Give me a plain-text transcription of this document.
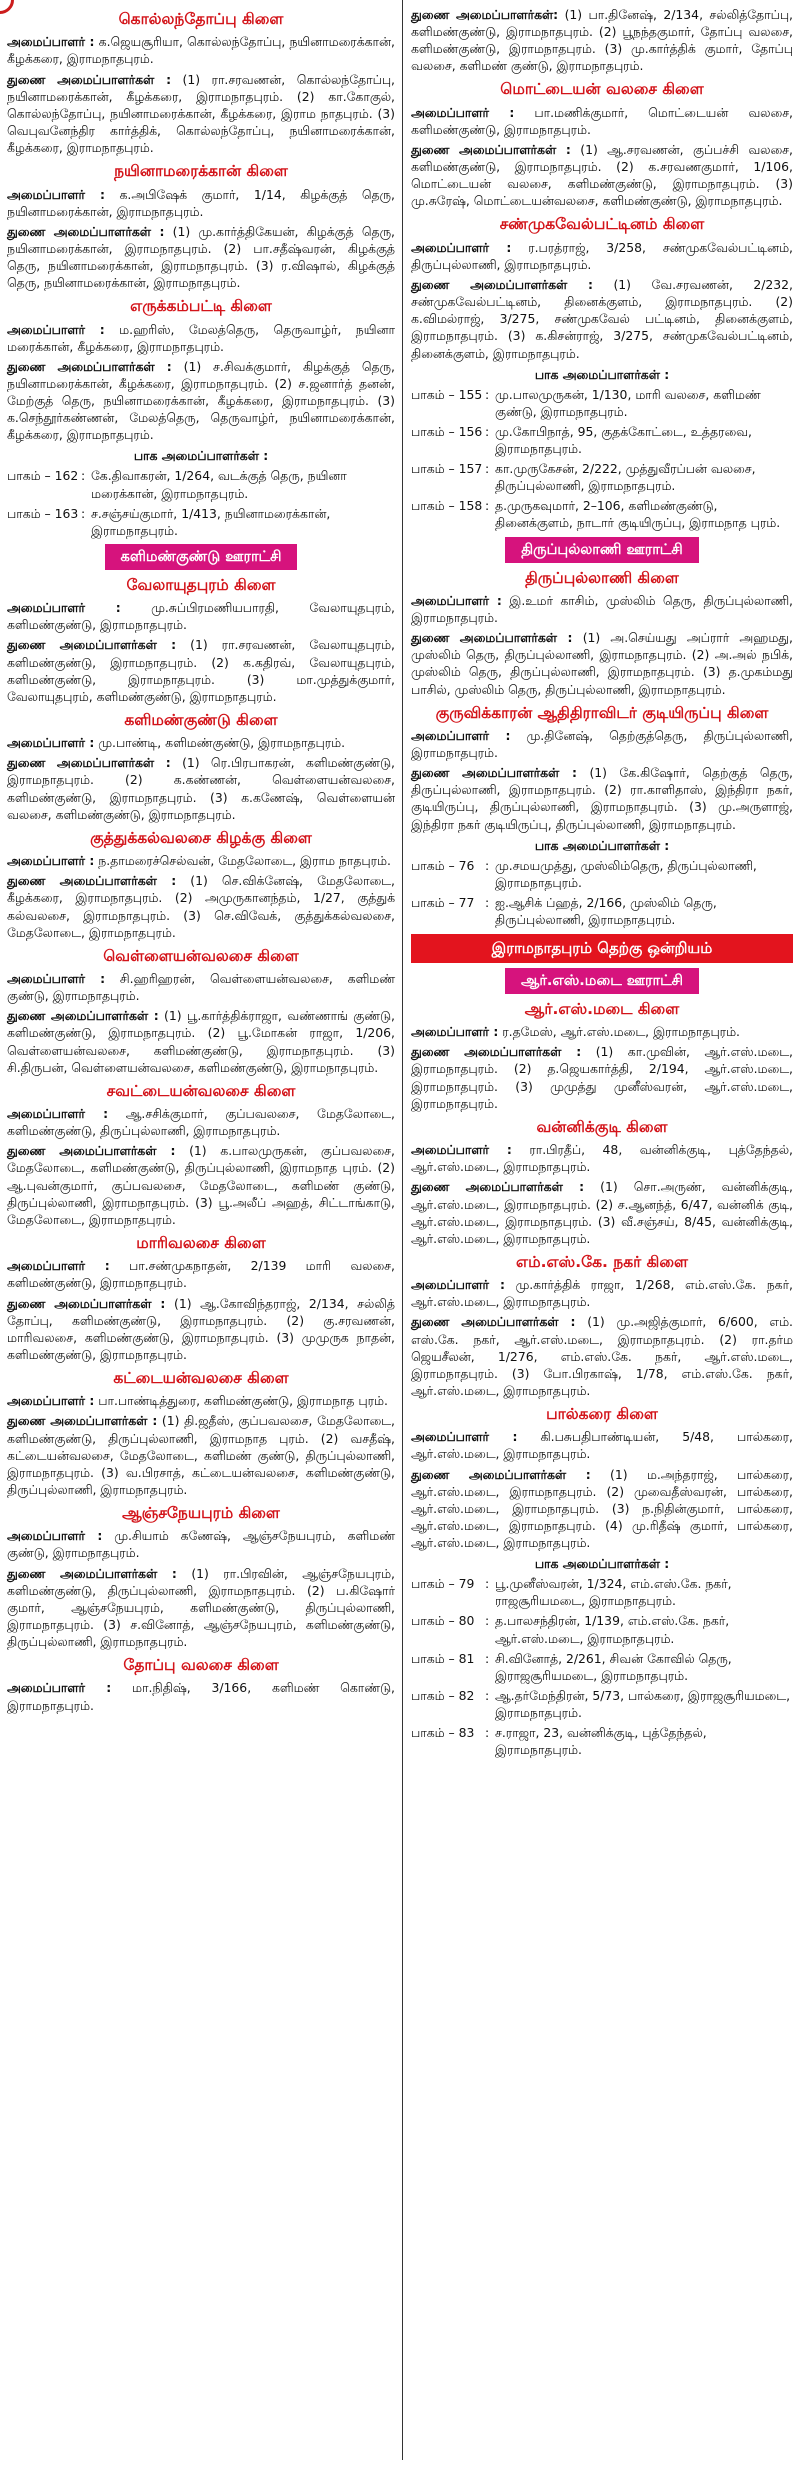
கொல்லந்தோப்பு கிளை

அமைப்பாளர் : க.ஜெயசூரியா, கொல்லந்தோப்பு, நயினாமரைக்கான், கீழக்கரை, இராமநாதபுரம்.

துணை அமைப்பாளர்கள் : (1) ரா.சரவணன், கொல்லந்தோப்பு, நயினாமரைக்கான், கீழக்கரை, இராமநாதபுரம். (2) கா.கோகுல், கொல்லந்தோப்பு, நயினாமரைக்கான், கீழக்கரை, இராம நாதபுரம். (3) வெபுவனேந்திர கார்த்திக், கொல்லந்தோப்பு, நயினாமரைக்கான், கீழக்கரை, இராமநாதபுரம்.

நயினாமரைக்கான் கிளை

அமைப்பாளர் : க.அபிஷேக் குமார், 1/14, கிழக்குத் தெரு, நயினாமரைக்கான், இராமநாதபுரம்.

துணை அமைப்பாளர்கள் : (1) மு.கார்த்திகேயன், கிழக்குத் தெரு, நயினாமரைக்கான், இராமநாதபுரம். (2) பா.சதீஷ்வரன், கிழக்குத் தெரு, நயினாமரைக்கான், இராமநாதபுரம். (3) ர.விஷால், கிழக்குத் தெரு, நயினாமரைக்கான், இராமநாதபுரம்.

எருக்கம்பட்டி கிளை

அமைப்பாளர் : ம.ஹரிஸ், மேலத்தெரு, தெருவாழ்ர், நயினா மரைக்கான், கீழக்கரை, இராமநாதபுரம்.

துணை அமைப்பாளர்கள் : (1) ச.சிவக்குமார், கிழக்குத் தெரு, நயினாமரைக்கான், கீழக்கரை, இராமநாதபுரம். (2) ச.ஜனார்த் தனன், மேற்குத் தெரு, நயினாமரைக்கான், கீழக்கரை, இராமநாதபுரம். (3) க.செந்தூர்கண்ணன், மேலத்தெரு, தெருவாழ்ர், நயினாமரைக்கான், கீழக்கரை, இராமநாதபுரம்.

பாக அமைப்பாளர்கள் :
பாகம் – 162 : கே.திவாகரன், 1/264, வடக்குத் தெரு, நயினா மரைக்கான், இராமநாதபுரம்.
பாகம் – 163 : ச.சஞ்சய்குமார், 1/413, நயினாமரைக்கான், இராமநாதபுரம்.
களிமண்குண்டு ஊராட்சி
வேலாயுதபுரம் கிளை

அமைப்பாளர் : மு.சுப்பிரமணியபாரதி, வேலாயுதபுரம், களிமண்குண்டு, இராமநாதபுரம்.

துணை அமைப்பாளர்கள் : (1) ரா.சரவணன், வேலாயுதபுரம், களிமண்குண்டு, இராமநாதபுரம். (2) க.கதிரவ், வேலாயுதபுரம், களிமண்குண்டு, இராமநாதபுரம். (3) மா.முத்துக்குமார், வேலாயுதபுரம், களிமண்குண்டு, இராமநாதபுரம்.

களிமண்குண்டு கிளை

அமைப்பாளர் : மு.பாண்டி, களிமண்குண்டு, இராமநாதபுரம்.

துணை அமைப்பாளர்கள் : (1) ரெ.பிரபாகரன், களிமண்குண்டு, இராமநாதபுரம். (2) க.கண்ணன், வெள்ளையன்வலசை, களிமண்குண்டு, இராமநாதபுரம். (3) க.கணேஷ், வெள்ளையன் வலசை, களிமண்குண்டு, இராமநாதபுரம்.

குத்துக்கல்வலசை கிழக்கு கிளை

அமைப்பாளர் : ந.தாமரைச்செல்வன், மேதலோடை, இராம நாதபுரம்.

துணை அமைப்பாளர்கள் : (1) செ.விக்னேஷ், மேதலோடை, கீழக்கரை, இராமநாதபுரம். (2) அமுருகானந்தம், 1/27, குத்துக் கல்வலசை, இராமநாதபுரம். (3) செ.விவேக், குத்துக்கல்வலசை, மேதலோடை, இராமநாதபுரம்.

வெள்ளையன்வலசை கிளை

அமைப்பாளர் : சி.ஹரிஹரன், வெள்ளையன்வலசை, களிமண் குண்டு, இராமநாதபுரம்.

துணை அமைப்பாளர்கள் : (1) பூ.கார்த்திக்ராஜா, வண்ணாங் குண்டு, களிமண்குண்டு, இராமநாதபுரம். (2) பூ.மோகன் ராஜா, 1/206, வெள்ளையன்வலசை, களிமண்குண்டு, இராமநாதபுரம். (3) சி.திருபன், வெள்ளையன்வலசை, களிமண்குண்டு, இராமநாதபுரம்.

சவட்டையன்வலசை கிளை

அமைப்பாளர் : ஆ.சசிக்குமார், குப்பவலசை, மேதலோடை, களிமண்குண்டு, திருப்புல்லாணி, இராமநாதபுரம்.

துணை அமைப்பாளர்கள் : (1) க.பாலமுருகன், குப்பவலசை, மேதலோடை, களிமண்குண்டு, திருப்புல்லாணி, இராமநாத புரம். (2) ஆ.புவன்குமார், குப்பவலசை, மேதலோடை, களிமண் குண்டு, திருப்புல்லாணி, இராமநாதபுரம். (3) பூ.அலீப் அஹத், சிட்டாங்காடு, மேதலோடை, இராமநாதபுரம்.

மாரிவலசை கிளை

அமைப்பாளர் : பா.சண்முகநாதன், 2/139 மாரி வலசை, களிமண்குண்டு, இராமநாதபுரம்.

துணை அமைப்பாளர்கள் : (1) ஆ.கோவிந்தராஜ், 2/134, சல்லித் தோப்பு, களிமண்குண்டு, இராமநாதபுரம். (2) கு.சரவணன், மாரிவலசை, களிமண்குண்டு, இராமநாதபுரம். (3) முமுருக நாதன், களிமண்குண்டு, இராமநாதபுரம்.

கட்டையன்வலசை கிளை

அமைப்பாளர் : பா.பாண்டித்துரை, களிமண்குண்டு, இராமநாத புரம்.

துணை அமைப்பாளர்கள் : (1) தி.ஜதீஸ், குப்பவலசை, மேதலோடை, களிமண்குண்டு, திருப்புல்லாணி, இராமநாத புரம். (2) வசதீஷ், கட்டையன்வலசை, மேதலோடை, களிமண் குண்டு, திருப்புல்லாணி, இராமநாதபுரம். (3) வ.பிரசாத், கட்டையன்வலசை, களிமண்குண்டு, திருப்புல்லாணி, இராமநாதபுரம்.

ஆஞ்சநேயபுரம் கிளை

அமைப்பாளர் : மு.சியாம் கணேஷ், ஆஞ்சநேயபுரம், களிமண் குண்டு, இராமநாதபுரம்.

துணை அமைப்பாளர்கள் : (1) ரா.பிரவின், ஆஞ்சநேயபுரம், களிமண்குண்டு, திருப்புல்லாணி, இராமநாதபுரம். (2) ப.கிஷோர் குமார், ஆஞ்சநேயபுரம், களிமண்குண்டு, திருப்புல்லாணி, இராமநாதபுரம். (3) ச.வினோத், ஆஞ்சநேயபுரம், களிமண்குண்டு, திருப்புல்லாணி, இராமநாதபுரம்.

தோப்பு வலசை கிளை

அமைப்பாளர் : மா.நிதிஷ், 3/166, களிமண் கொண்டு, இராமநாதபுரம்.

துணை அமைப்பாளர்கள்: (1) பா.தினேஷ், 2/134, சல்லித்தோப்பு, களிமண்குண்டு, இராமநாதபுரம். (2) பூநந்தகுமார், தோப்பு வலசை, களிமண்குண்டு, இராமநாதபுரம். (3) மு.கார்த்திக் குமார், தோப்பு வலசை, களிமண் குண்டு, இராமநாதபுரம்.

மொட்டையன் வலசை கிளை

அமைப்பாளர் : பா.மணிக்குமார், மொட்டையன் வலசை, களிமண்குண்டு, இராமநாதபுரம்.

துணை அமைப்பாளர்கள் : (1) ஆ.சரவணன், குப்பச்சி வலசை, களிமண்குண்டு, இராமநாதபுரம். (2) க.சரவணகுமார், 1/106, மொட்டையன் வலசை, களிமண்குண்டு, இராமநாதபுரம். (3) மு.சுரேஷ், மொட்டையன்வலசை, களிமண்குண்டு, இராமநாதபுரம்.

சண்முகவேல்பட்டினம் கிளை

அமைப்பாளர் : ர.பரத்ராஜ், 3/258, சண்முகவேல்பட்டினம், திருப்புல்லாணி, இராமநாதபுரம்.

துணை அமைப்பாளர்கள் : (1) வே.சரவணன், 2/232, சண்முகவேல்பட்டினம், தினைக்குளம், இராமநாதபுரம். (2) க.விமல்ராஜ், 3/275, சண்முகவேல் பட்டினம், தினைக்குளம், இராமநாதபுரம். (3) க.கிசன்ராஜ், 3/275, சண்முகவேல்பட்டினம், தினைக்குளம், இராமநாதபுரம்.

பாக அமைப்பாளர்கள் :
பாகம் – 155 : மு.பாலமுருகன், 1/130, மாரி வலசை, களிமண் குண்டு, இராமநாதபுரம்.
பாகம் – 156 : மு.கோபிநாத், 95, குதக்கோட்டை, உத்தரவை, இராமநாதபுரம்.
பாகம் – 157 : கா.முருகேசன், 2/222, முத்துவீரப்பன் வலசை, திருப்புல்லாணி, இராமநாதபுரம்.
பாகம் – 158 : த.முருகவுமார், 2–106, களிமண்குண்டு, தினைக்குளம், நாடார் குடியிருப்பு, இராமநாத புரம்.
திருப்புல்லாணி ஊராட்சி
திருப்புல்லாணி கிளை

அமைப்பாளர் : இ.உமர் காசிம், முஸ்லிம் தெரு, திருப்புல்லாணி, இராமநாதபுரம்.

துணை அமைப்பாளர்கள் : (1) அ.செய்யது அப்ரார் அஹமது, முஸ்லிம் தெரு, திருப்புல்லாணி, இராமநாதபுரம். (2) அ.அல் நபிக், முஸ்லிம் தெரு, திருப்புல்லாணி, இராமநாதபுரம். (3) த.முகம்மது பாசில், முஸ்லிம் தெரு, திருப்புல்லாணி, இராமநாதபுரம்.

குருவிக்காரன் ஆதிதிராவிடர் குடியிருப்பு கிளை

அமைப்பாளர் : மு.தினேஷ், தெற்குத்தெரு, திருப்புல்லாணி, இராமநாதபுரம்.

துணை அமைப்பாளர்கள் : (1) கே.கிஷோர், தெற்குத் தெரு, திருப்புல்லாணி, இராமநாதபுரம். (2) ரா.காளிதாஸ், இந்திரா நகர், குடியிருப்பு, திருப்புல்லாணி, இராமநாதபுரம். (3) மு.அருளாஜ், இந்திரா நகர் குடியிருப்பு, திருப்புல்லாணி, இராமநாதபுரம்.

பாக அமைப்பாளர்கள் :
பாகம் – 76 : மு.சமயமுத்து, முஸ்லிம்தெரு, திருப்புல்லாணி, இராமநாதபுரம்.
பாகம் – 77 : ஐ.ஆசிக் ப்ஹத், 2/166, முஸ்லிம் தெரு, திருப்புல்லாணி, இராமநாதபுரம்.
இராமநாதபுரம் தெற்கு ஒன்றியம்
ஆர்.எஸ்.மடை ஊராட்சி
ஆர்.எஸ்.மடை கிளை

அமைப்பாளர் : ர.தமேஸ், ஆர்.எஸ்.மடை, இராமநாதபுரம்.

துணை அமைப்பாளர்கள் : (1) கா.முவின், ஆர்.எஸ்.மடை, இராமநாதபுரம். (2) த.ஜெயகார்த்தி, 2/194, ஆர்.எஸ்.மடை, இராமநாதபுரம். (3) முமுத்து முனீஸ்வரன், ஆர்.எஸ்.மடை, இராமநாதபுரம்.

வன்னிக்குடி கிளை

அமைப்பாளர் : ரா.பிரதீப், 48, வன்னிக்குடி, புத்தேந்தல், ஆர்.எஸ்.மடை, இராமநாதபுரம்.

துணை அமைப்பாளர்கள் : (1) சொ.அருண், வன்னிக்குடி, ஆர்.எஸ்.மடை, இராமநாதபுரம். (2) ச.ஆனந்த், 6/47, வன்னிக் குடி, ஆர்.எஸ்.மடை, இராமநாதபுரம். (3) வீ.சஞ்சய், 8/45, வன்னிக்குடி, ஆர்.எஸ்.மடை, இராமநாதபுரம்.

எம்.எஸ்.கே. நகர் கிளை

அமைப்பாளர் : மு.கார்த்திக் ராஜா, 1/268, எம்.எஸ்.கே. நகர், ஆர்.எஸ்.மடை, இராமநாதபுரம்.

துணை அமைப்பாளர்கள் : (1) மு.அஜித்குமார், 6/600, எம். எஸ்.கே. நகர், ஆர்.எஸ்.மடை, இராமநாதபுரம். (2) ரா.தர்ம ஜெயசீலன், 1/276, எம்.எஸ்.கே. நகர், ஆர்.எஸ்.மடை, இராமநாதபுரம். (3) போ.பிரகாஷ், 1/78, எம்.எஸ்.கே. நகர், ஆர்.எஸ்.மடை, இராமநாதபுரம்.

பால்கரை கிளை

அமைப்பாளர் : கி.பசுபதிபாண்டியன், 5/48, பால்கரை, ஆர்.எஸ்.மடை, இராமநாதபுரம்.

துணை அமைப்பாளர்கள் : (1) ம.அந்தராஜ், பால்கரை, ஆர்.எஸ்.மடை, இராமநாதபுரம். (2) முவைதீஸ்வரன், பால்கரை, ஆர்.எஸ்.மடை, இராமநாதபுரம். (3) ந.நிதின்குமார், பால்கரை, ஆர்.எஸ்.மடை, இராமநாதபுரம். (4) மு.ரிதீஷ் குமார், பால்கரை, ஆர்.எஸ்.மடை, இராமநாதபுரம்.

பாக அமைப்பாளர்கள் :
பாகம் – 79 : பூ.முனீஸ்வரன், 1/324, எம்.எஸ்.கே. நகர், ராஜசூரியமடை, இராமநாதபுரம்.
பாகம் – 80 : த.பாலசந்திரன், 1/139, எம்.எஸ்.கே. நகர், ஆர்.எஸ்.மடை, இராமநாதபுரம்.
பாகம் – 81 : சி.வினோத், 2/261, சிவன் கோவில் தெரு, இராஜசூரியமடை, இராமநாதபுரம்.
பாகம் – 82 : ஆ.தர்மேந்திரன், 5/73, பால்கரை, இராஜசூரியமடை, இராமநாதபுரம்.
பாகம் – 83 : ச.ராஜா, 23, வன்னிக்குடி, புத்தேந்தல், இராமநாதபுரம்.
